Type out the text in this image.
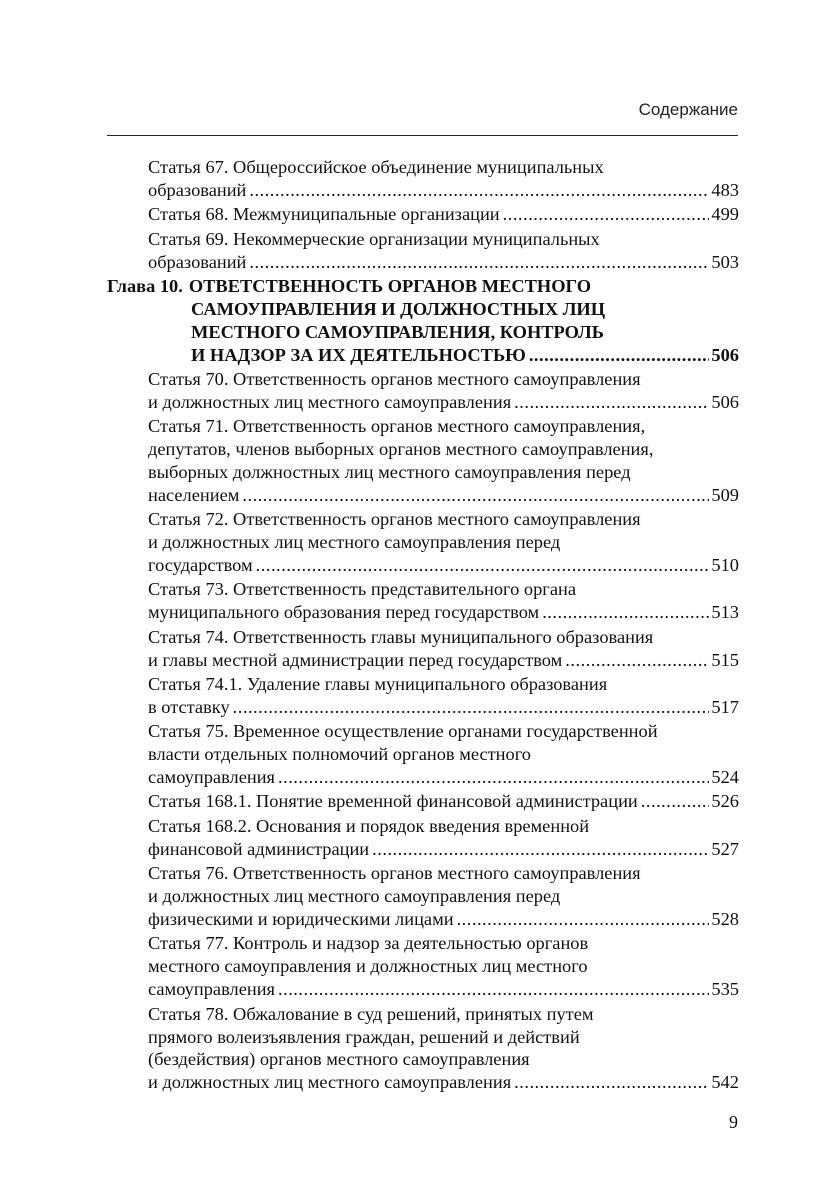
Содержание
Статья 67. Общероссийское объединение муниципальных
образований .....	483
Статья 68. Межмуниципальные организации .....	499
Статья 69. Некоммерческие организации муниципальных
образований .....	503
Глава 10. ОТВЕТСТВЕННОСТЬ ОРГАНОВ МЕСТНОГО
САМОУПРАВЛЕНИЯ И ДОЛЖНОСТНЫХ ЛИЦ
МЕСТНОГО САМОУПРАВЛЕНИЯ, КОНТРОЛЬ
И НАДЗОР ЗА ИХ ДЕЯТЕЛЬНОСТЬЮ .....	506
Статья 70. Ответственность органов местного самоуправления
и должностных лиц местного самоуправления .....	506
Статья 71. Ответственность органов местного самоуправления,
депутатов, членов выборных органов местного самоуправления,
выборных должностных лиц местного самоуправления перед
населением .....	509
Статья 72. Ответственность органов местного самоуправления
и должностных лиц местного самоуправления перед
государством .....	510
Статья 73. Ответственность представительного органа
муниципального образования перед государством .....	513
Статья 74. Ответственность главы муниципального образования
и главы местной администрации перед государством .....	515
Статья 74.1. Удаление главы муниципального образования
в отставку .....	517
Статья 75. Временное осуществление органами государственной
власти отдельных полномочий органов местного
самоуправления .....	524
Статья 168.1. Понятие временной финансовой администрации .....	526
Статья 168.2. Основания и порядок введения временной
финансовой администрации .....	527
Статья 76. Ответственность органов местного самоуправления
и должностных лиц местного самоуправления перед
физическими и юридическими лицами .....	528
Статья 77. Контроль и надзор за деятельностью органов
местного самоуправления и должностных лиц местного
самоуправления .....	535
Статья 78. Обжалование в суд решений, принятых путем
прямого волеизъявления граждан, решений и действий
(бездействия) органов местного самоуправления
и должностных лиц местного самоуправления .....	542
9
